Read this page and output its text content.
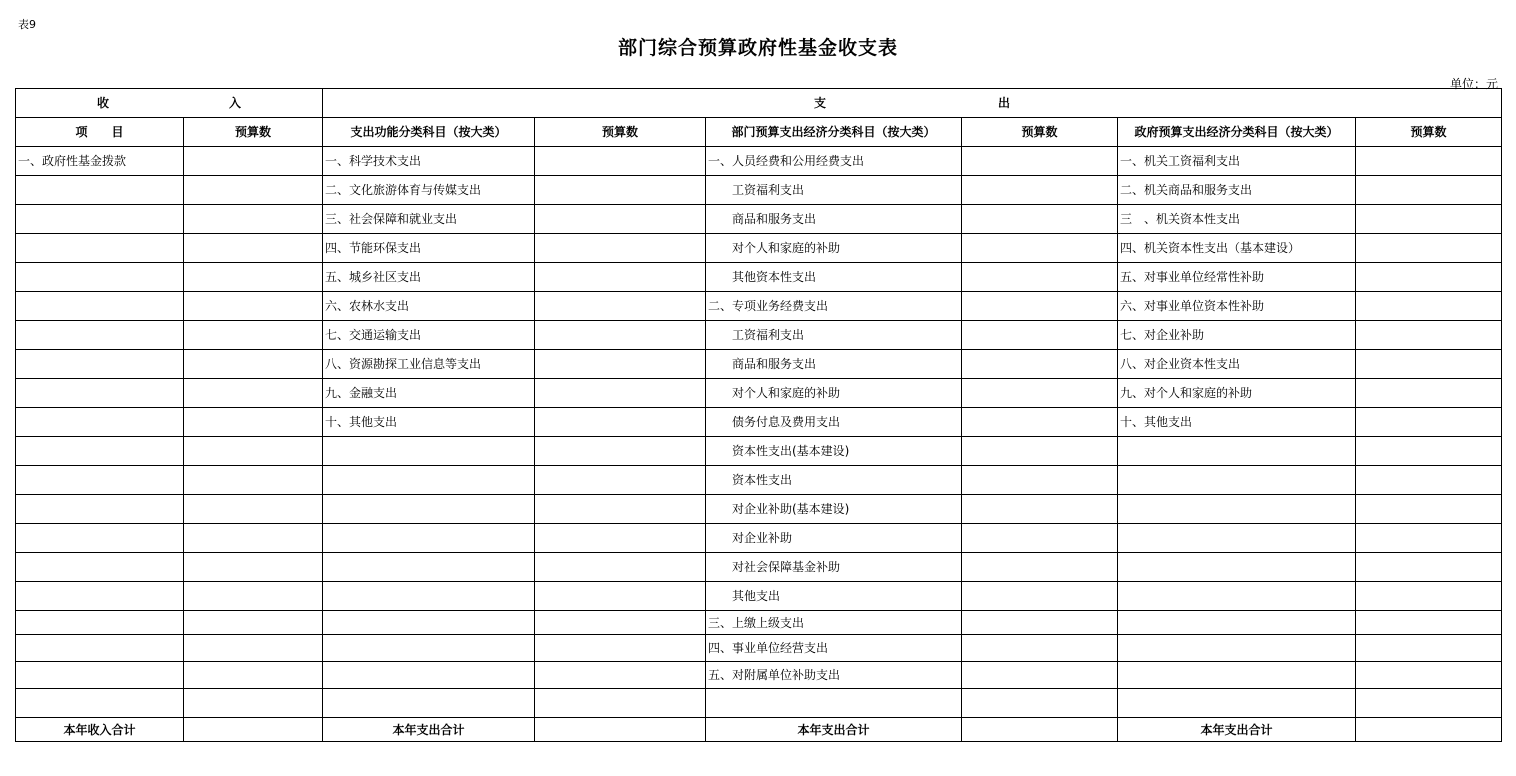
表9
部门综合预算政府性基金收支表
单位：元
收 入		支 出					
项　　目	预算数	支出功能分类科目（按大类）	预算数	部门预算支出经济分类科目（按大类）	预算数	政府预算支出经济分类科目（按大类）	预算数
一、政府性基金拨款		一、科学技术支出		一、人员经费和公用经费支出		一、机关工资福利支出	
		二、文化旅游体育与传媒支出		工资福利支出		二、机关商品和服务支出	
		三、社会保障和就业支出		商品和服务支出		三　、机关资本性支出	
		四、节能环保支出		对个人和家庭的补助		四、机关资本性支出（基本建设）	
		五、城乡社区支出		其他资本性支出		五、对事业单位经常性补助	
		六、农林水支出		二、专项业务经费支出		六、对事业单位资本性补助	
		七、交通运输支出		工资福利支出		七、对企业补助	
		八、资源勘探工业信息等支出		商品和服务支出		八、对企业资本性支出	
		九、金融支出		对个人和家庭的补助		九、对个人和家庭的补助	
		十、其他支出		债务付息及费用支出		十、其他支出	
				资本性支出(基本建设)			
				资本性支出			
				对企业补助(基本建设)			
				对企业补助			
				对社会保障基金补助			
				其他支出			
				三、上缴上级支出			
				四、事业单位经营支出			
				五、对附属单位补助支出			

本年收入合计		本年支出合计		本年支出合计		本年支出合计	
